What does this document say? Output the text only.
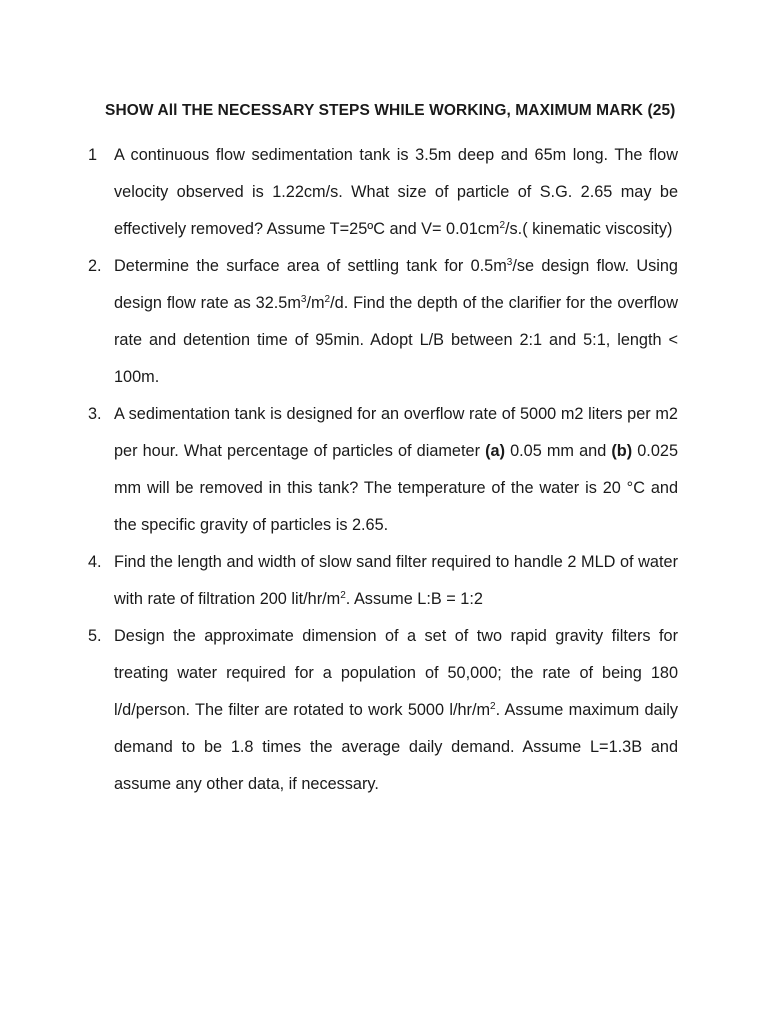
SHOW All THE NECESSARY STEPS WHILE WORKING, MAXIMUM MARK (25)
1 A continuous flow sedimentation tank is 3.5m deep and 65m long. The flow velocity observed is 1.22cm/s. What size of particle of S.G. 2.65 may be effectively removed? Assume T=25ºC and $V= 0.01cm^2/s$.( kinematic viscosity)
2. Determine the surface area of settling tank for $0.5m^3/se$ design flow. Using design flow rate as $32.5m^3/m^2/d$. Find the depth of the clarifier for the overflow rate and detention time of 95min. Adopt L/B between 2:1 and 5:1, length < 100m.
3. A sedimentation tank is designed for an overflow rate of 5000 m2 liters per m2 per hour. What percentage of particles of diameter (a) 0.05 mm and (b) 0.025 mm will be removed in this tank? The temperature of the water is 20 °C and the specific gravity of particles is 2.65.
4. Find the length and width of slow sand filter required to handle 2 MLD of water with rate of filtration 200 lit/$hr/m^2$. Assume L:B = 1:2
5. Design the approximate dimension of a set of two rapid gravity filters for treating water required for a population of 50,000; the rate of being 180 l/d/person. The filter are rotated to work 5000 $l/hr/m^2$. Assume maximum daily demand to be 1.8 times the average daily demand. Assume L=1.3B and assume any other data, if necessary.
